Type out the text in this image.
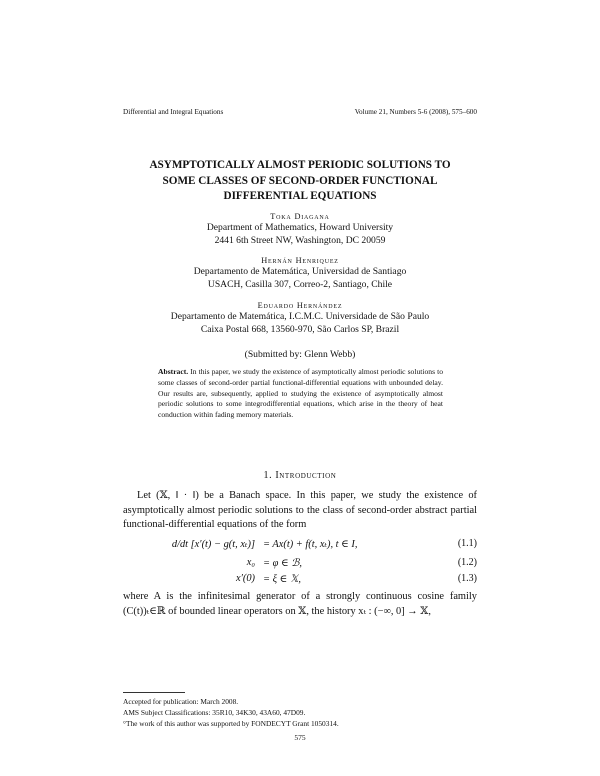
Differential and Integral Equations	Volume 21, Numbers 5-6 (2008), 575–600
ASYMPTOTICALLY ALMOST PERIODIC SOLUTIONS TO
SOME CLASSES OF SECOND-ORDER FUNCTIONAL
DIFFERENTIAL EQUATIONS
Toka Diagana
Department of Mathematics, Howard University
2441 6th Street NW, Washington, DC 20059
Hernán Henriquez
Departamento de Matemática, Universidad de Santiago
USACH, Casilla 307, Correo-2, Santiago, Chile
Eduardo Hernández
Departamento de Matemática, I.C.M.C. Universidade de São Paulo
Caixa Postal 668, 13560-970, São Carlos SP, Brazil
(Submitted by: Glenn Webb)
Abstract. In this paper, we study the existence of asymptotically almost periodic solutions to some classes of second-order partial functional-differential equations with unbounded delay. Our results are, subsequently, applied to studying the existence of asymptotically almost periodic solutions to some integrodifferential equations, which arise in the theory of heat conduction within fading memory materials.
1. Introduction
Let (𝕏, ‖ · ‖) be a Banach space. In this paper, we study the existence of asymptotically almost periodic solutions to the class of second-order abstract partial functional-differential equations of the form
d/dt [x′(t) − g(t, xₜ)] = Ax(t) + f(t, xₜ), t ∈ I,	(1.1)
x₀ = φ ∈ ℬ,	(1.2)
x′(0) = ξ ∈ 𝕏,	(1.3)
where A is the infinitesimal generator of a strongly continuous cosine family (C(t))ₜ∈ℝ of bounded linear operators on 𝕏, the history xₜ : (−∞, 0] → 𝕏,
Accepted for publication: March 2008.
AMS Subject Classifications: 35R10, 34K30, 43A60, 47D09.
°The work of this author was supported by FONDECYT Grant 1050314.
575
